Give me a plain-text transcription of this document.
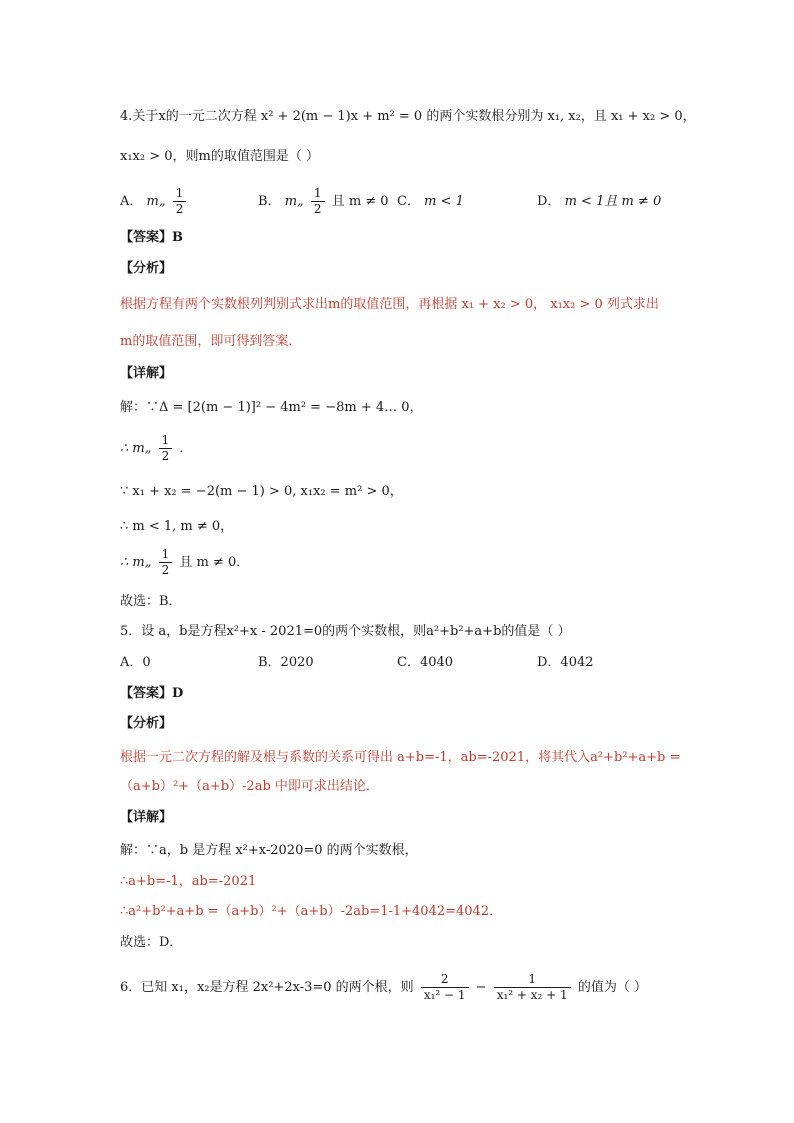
4.关于x的一元二次方程 x² + 2(m − 1)x + m² = 0 的两个实数根分别为 x₁, x₂，且 x₁ + x₂ > 0，
x₁x₂ > 0，则m的取值范围是（ ）
A． m„ $\frac{1}{2}$	B． m„ $\frac{1}{2}$ 且 m ≠ 0 C． m < 1	D． m < 1且 m ≠ 0
【答案】B
【分析】
根据方程有两个实数根列判别式求出m的取值范围，再根据 x₁ + x₂ > 0， x₁x₂ > 0 列式求出
m的取值范围，即可得到答案．
【详解】
解：∵Δ = [2(m − 1)]² − 4m² = −8m + 4… 0，
∴ m„ $\frac{1}{2}$ ．
∵ x₁ + x₂ = −2(m − 1) > 0, x₁x₂ = m² > 0，
∴ m < 1, m ≠ 0，
∴ m„ $\frac{1}{2}$ 且 m ≠ 0．
故选：B．
5．设 a，b是方程x²+x - 2021=0的两个实数根，则a²+b²+a+b的值是（ ）
A．0	B．2020	C．4040	D．4042
【答案】D
【分析】
根据一元二次方程的解及根与系数的关系可得出 a+b=-1，ab=-2021，将其代入a²+b²+a+b =
（a+b）²+（a+b）-2ab 中即可求出结论．
【详解】
解：∵a，b 是方程 x²+x-2020=0 的两个实数根，
∴a+b=-1，ab=-2021
∴a²+b²+a+b =（a+b）²+（a+b）-2ab=1-1+4042=4042．
故选：D．
6．已知 x₁，x₂是方程 2x²+2x-3=0 的两个根，则 $\frac{2}{\text{x₁² − 1}} - \frac{1}{\text{x₁² + x₂ + 1}}$ 的值为（ ）
